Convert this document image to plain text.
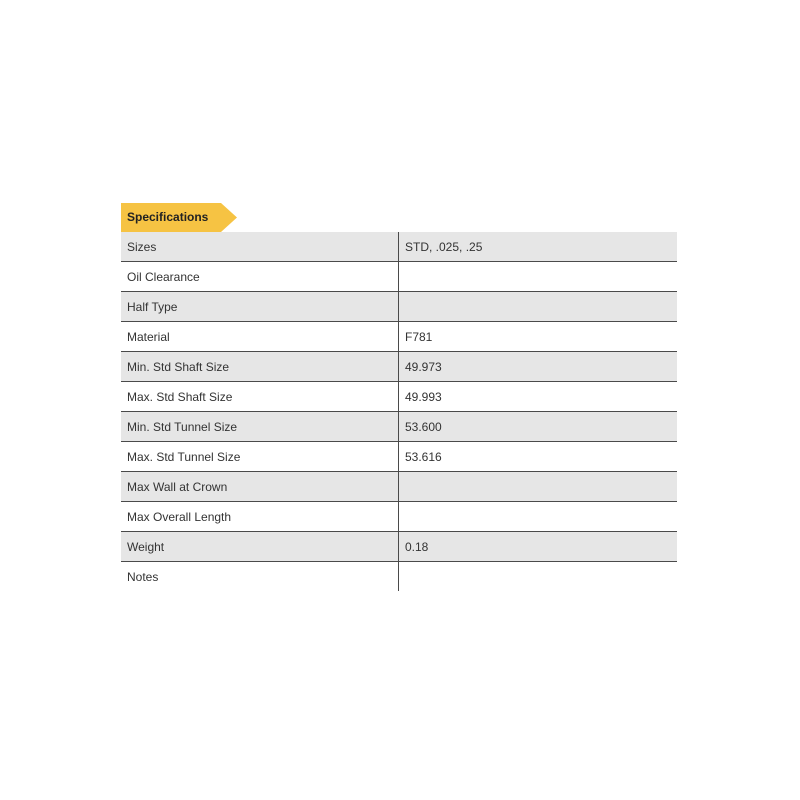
Specifications
Sizes	STD, .025, .25
Oil Clearance	
Half Type	
Material	F781
Min. Std Shaft Size	49.973
Max. Std Shaft Size	49.993
Min. Std Tunnel Size	53.600
Max. Std Tunnel Size	53.616
Max Wall at Crown	
Max Overall Length	
Weight	0.18
Notes	
